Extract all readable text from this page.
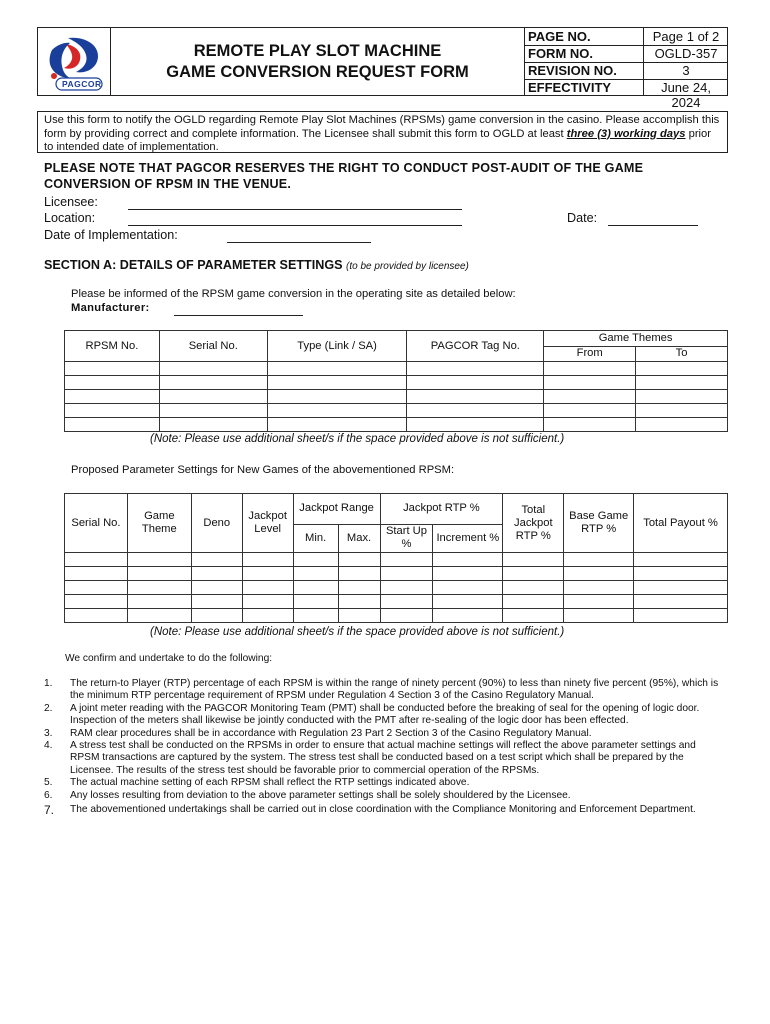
PAGCOR
REMOTE PLAY SLOT MACHINE
GAME CONVERSION REQUEST FORM
PAGE NO.	Page 1 of 2
FORM NO.	OGLD-357
REVISION NO.	3
EFFECTIVITY	June 24, 2024
Use this form to notify the OGLD regarding Remote Play Slot Machines (RPSMs) game conversion in the casino. Please accomplish this form by providing correct and complete information. The Licensee shall submit this form to OGLD at least three (3) working days prior to intended date of implementation.
PLEASE NOTE THAT PAGCOR RESERVES THE RIGHT TO CONDUCT POST-AUDIT OF THE GAME CONVERSION OF RPSM IN THE VENUE.
Licensee:
Location:	Date:
Date of Implementation:
SECTION A: DETAILS OF PARAMETER SETTINGS (to be provided by licensee)
Please be informed of the RPSM game conversion in the operating site as detailed below:
Manufacturer:
RPSM No.	Serial No.	Type (Link / SA)	PAGCOR Tag No.	Game Themes	
				From	To

(Note: Please use additional sheet/s if the space provided above is not sufficient.)
Proposed Parameter Settings for New Games of the abovementioned RPSM:
Serial No.	Game Theme	Deno	Jackpot Level	Jackpot Range		Jackpot RTP %		Total Jackpot RTP %	Base Game RTP %	Total Payout %
				Min.	Max.	Start Up %	Increment %			

(Note: Please use additional sheet/s if the space provided above is not sufficient.)
We confirm and undertake to do the following:
1. The return-to Player (RTP) percentage of each RPSM is within the range of ninety percent (90%) to less than ninety five percent (95%), which is the minimum RTP percentage requirement of RPSM under Regulation 4 Section 3 of the Casino Regulatory Manual.
2. A joint meter reading with the PAGCOR Monitoring Team (PMT) shall be conducted before the breaking of seal for the opening of logic door. Inspection of the meters shall likewise be jointly conducted with the PMT after re-sealing of the logic door has been effected.
3. RAM clear procedures shall be in accordance with Regulation 23 Part 2 Section 3 of the Casino Regulatory Manual.
4. A stress test shall be conducted on the RPSMs in order to ensure that actual machine settings will reflect the above parameter settings and RPSM transactions are captured by the system. The stress test shall be conducted based on a test script which shall be prepared by the Licensee. The results of the stress test should be favorable prior to commercial operation of the RPSMs.
5. The actual machine setting of each RPSM shall reflect the RTP settings indicated above.
6. Any losses resulting from deviation to the above parameter settings shall be solely shouldered by the Licensee.
7. The abovementioned undertakings shall be carried out in close coordination with the Compliance Monitoring and Enforcement Department.
